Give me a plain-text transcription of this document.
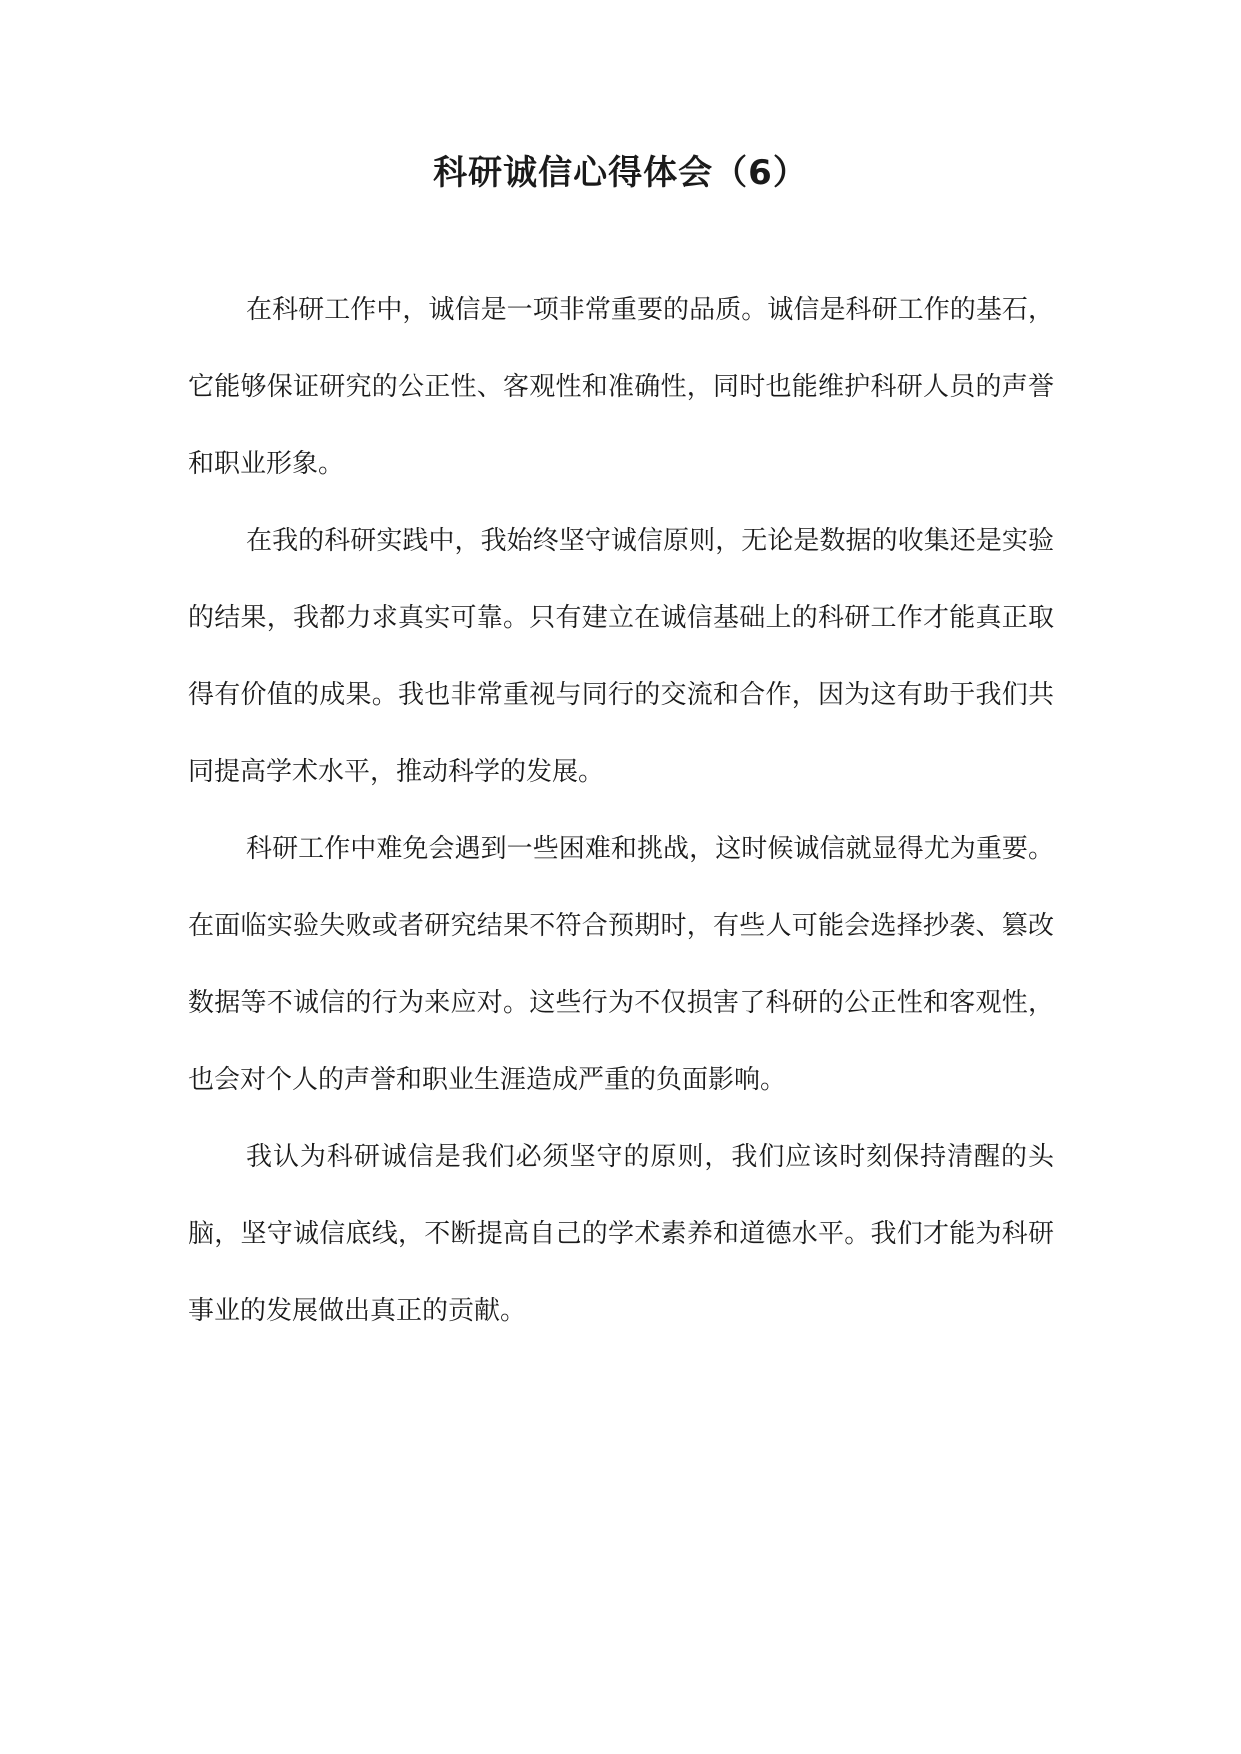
科研诚信心得体会（6）

在科研工作中，诚信是一项非常重要的品质。诚信是科研工作的基石，它能够保证研究的公正性、客观性和准确性，同时也能维护科研人员的声誉和职业形象。

在我的科研实践中，我始终坚守诚信原则，无论是数据的收集还是实验的结果，我都力求真实可靠。只有建立在诚信基础上的科研工作才能真正取得有价值的成果。我也非常重视与同行的交流和合作，因为这有助于我们共同提高学术水平，推动科学的发展。

科研工作中难免会遇到一些困难和挑战，这时候诚信就显得尤为重要。在面临实验失败或者研究结果不符合预期时，有些人可能会选择抄袭、篡改数据等不诚信的行为来应对。这些行为不仅损害了科研的公正性和客观性，也会对个人的声誉和职业生涯造成严重的负面影响。

我认为科研诚信是我们必须坚守的原则，我们应该时刻保持清醒的头脑，坚守诚信底线，不断提高自己的学术素养和道德水平。我们才能为科研事业的发展做出真正的贡献。
